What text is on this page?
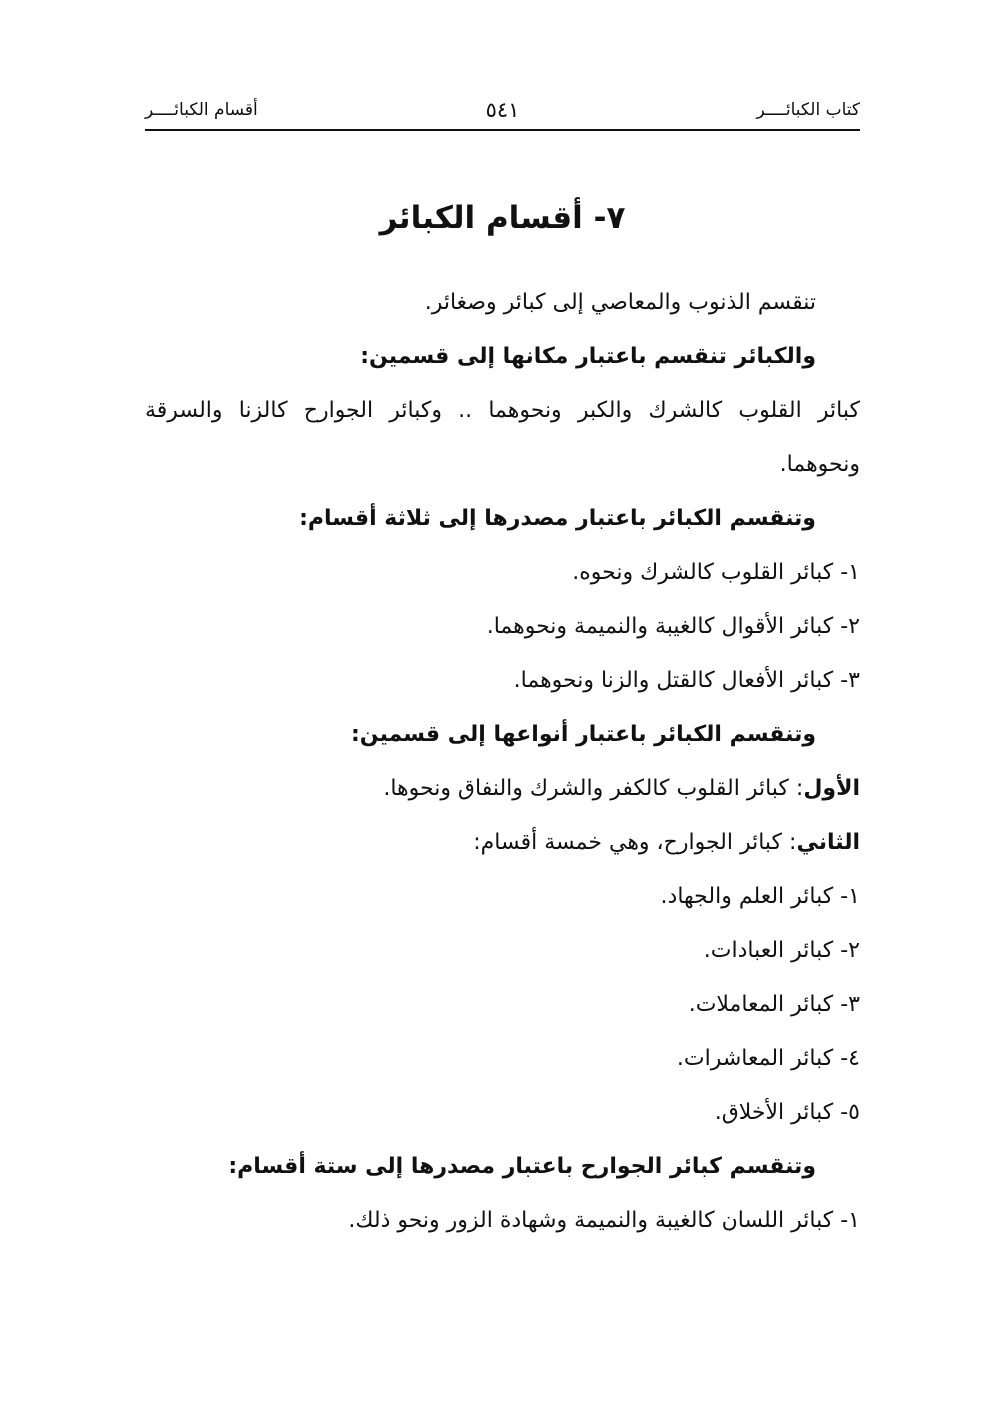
كتاب الكبائــــر
٥٤١
أقسام الكبائــــر
٧- أقسام الكبائر
تنقسم الذنوب والمعاصي إلى كبائر وصغائر.
والكبائر تنقسم باعتبار مكانها إلى قسمين:
كبائر القلوب كالشرك والكبر ونحوهما .. وكبائر الجوارح كالزنا والسرقة
ونحوهما.
وتنقسم الكبائر باعتبار مصدرها إلى ثلاثة أقسام:
١- كبائر القلوب كالشرك ونحوه.
٢- كبائر الأقوال كالغيبة والنميمة ونحوهما.
٣- كبائر الأفعال كالقتل والزنا ونحوهما.
وتنقسم الكبائر باعتبار أنواعها إلى قسمين:
الأول: كبائر القلوب كالكفر والشرك والنفاق ونحوها.
الثاني: كبائر الجوارح، وهي خمسة أقسام:
١- كبائر العلم والجهاد.
٢- كبائر العبادات.
٣- كبائر المعاملات.
٤- كبائر المعاشرات.
٥- كبائر الأخلاق.
وتنقسم كبائر الجوارح باعتبار مصدرها إلى ستة أقسام:
١- كبائر اللسان كالغيبة والنميمة وشهادة الزور ونحو ذلك.
